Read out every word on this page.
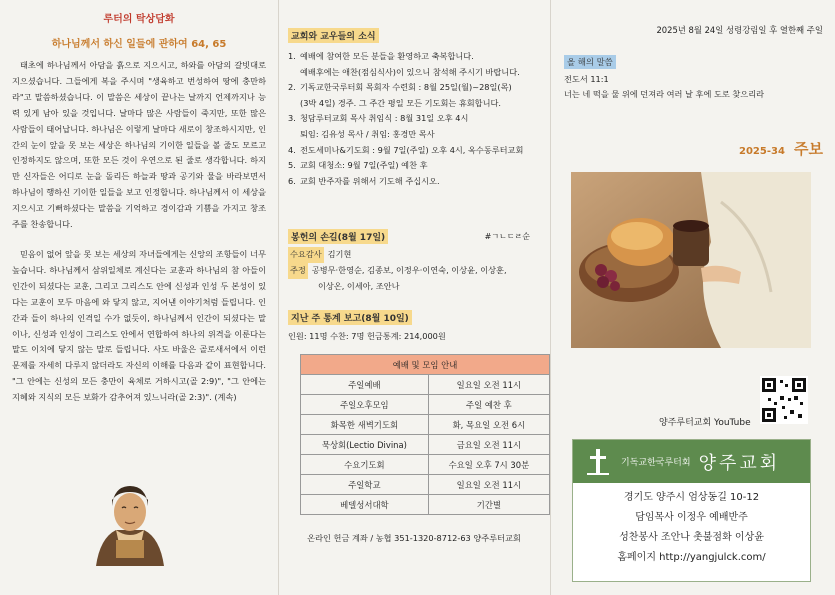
루터의 탁상담화
하나님께서 하신 일들에 관하여 64, 65

태초에 하나님께서 아담을 흙으로 지으시고, 하와를 아담의 갈빗대로 지으셨습니다. 그들에게 복을 주시며 "생육하고 번성하여 땅에 충만하라"고 말씀하셨습니다. 이 말씀은 세상이 끝나는 날까지 언제까지나 능력 있게 남아 있을 것입니다. 날마다 많은 사람들이 죽지만, 또한 많은 사람들이 태어납니다. 하나님은 이렇게 날마다 새로이 창조하시지만, 인간의 눈이 앞을 못 보는 세상은 하나님의 기이한 일들을 볼 줄도 모르고 인정하지도 않으며, 또한 모든 것이 우연으로 된 줄로 생각합니다. 하지만 신자들은 어디로 눈을 돌리든 하늘과 땅과 공기와 물을 바라보면서 하나님이 행하신 기이한 일들을 보고 인정합니다. 하나님께서 이 세상을 지으시고 기뻐하셨다는 말씀을 기억하고 경이감과 기쁨을 가지고 창조주를 찬송합니다.

믿음이 없어 앞을 못 보는 세상의 자녀들에게는 신앙의 조항들이 너무 높습니다. 하나님께서 삼위일체로 계신다는 교훈과 하나님의 참 아들이 인간이 되셨다는 교훈, 그리고 그리스도 안에 신성과 인성 두 본성이 있다는 교훈이 모두 마음에 와 닿지 않고, 지어낸 이야기처럼 들립니다. 인간과 들이 하나의 인격일 수가 없듯이, 하나님께서 인간이 되셨다는 말이나, 신성과 인성이 그리스도 안에서 연합하여 하나의 위격을 이룬다는 말도 이치에 닿지 않는 말로 들립니다. 사도 바울은 골로새서에서 이런 문제를 자세히 다루지 않더라도 자신의 이해를 다음과 같이 표현합니다. "그 안에는 신성의 모든 충만이 육체로 거하시고(골 2:9)", "그 안에는 지혜와 지식의 모든 보화가 감추어져 있느니라(골 2:3)". (계속)

교회와 교우들의 소식
1. 예배에 참여한 모든 분들을 환영하고 축복합니다.
예배후에는 애찬(점심식사)이 있으니 참석해 주시기 바랍니다.
2. 기독교한국루터회 목회자 수련회 : 8월 25일(월)~28일(목)
(3박 4일) 경주. 그 주간 평일 모든 기도회는 휴회합니다.
3. 청담루터교회 목사 취임식 : 8월 31일 오후 4시
퇴임: 김유성 목사 / 취임: 홍경만 목사
4. 전도세미나&기도회 : 9월 7일(주일) 오후 4시, 옥수동루터교회
5. 교회 대청소: 9월 7일(주일) 예찬 후
6. 교회 반주자를 위해서 기도해 주십시오.
봉헌의 손길(8월 17일)	#ㄱㄴㄷㄹ순
수요감사 김기현
주정 공병무·한영순, 김종보, 이정우·이연숙, 이상윤, 이상훈,
이상온, 이세아, 조안나
지난 주 통계 보고(8월 10일)
인원: 11명 수찬: 7명 헌금통계: 214,000원
예배 및 모임 안내	
주일예배	일요일 오전 11시
주일오후모임	주일 예찬 후
화목한 새벽기도회	화, 목요일 오전 6시
묵상회(Lectio Divina)	금요일 오전 11시
수요기도회	수요일 오후 7시 30분
주일학교	일요일 오전 11시
베델성서대학	기간별
온라인 헌금 계좌 / 농협 351-1320-8712-63 양주루터교회
2025년 8월 24일 성령강림일 후 열한째 주일
올 해의 말씀
전도서 11:1
너는 네 떡을 물 위에 던져라 여러 날 후에 도로 찾으리라
2025-34 주보
양주루터교회 YouTube
기독교한국루터회 양주교회
경기도 양주시 엄상동길 10-12
담임목사 이정우 예배반주
성찬봉사 조안나 촛불점화 이상윤
홈페이지 http://yangjulck.com/
